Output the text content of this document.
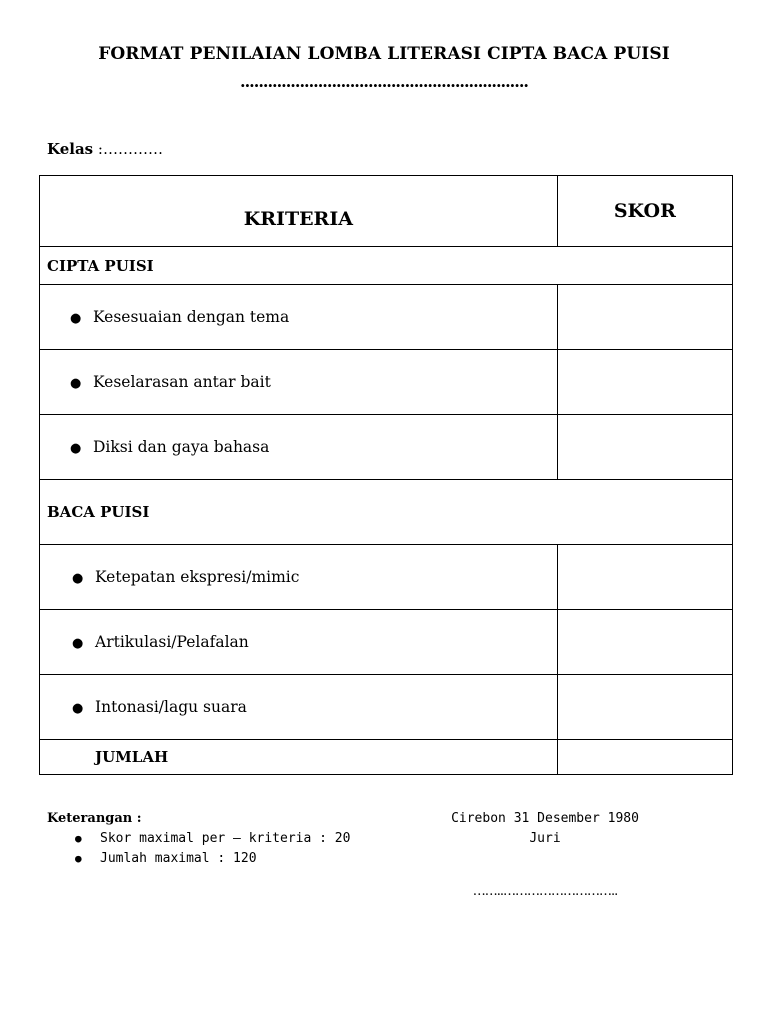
FORMAT PENILAIAN LOMBA LITERASI CIPTA BACA PUISI
...............................................................
Kelas :…………
KRITERIA	SKOR
CIPTA PUISI	
● Kesesuaian dengan tema	
● Keselarasan antar bait	
● Diksi dan gaya bahasa	
BACA PUISI	
● Ketepatan ekspresi/mimic	
● Artikulasi/Pelafalan	
● Intonasi/lagu suara	
JUMLAH	
Keterangan :
● Skor maximal per – kriteria : 20
● Jumlah maximal : 120
Cirebon 31 Desember 1980
Juri
……..………………………..
